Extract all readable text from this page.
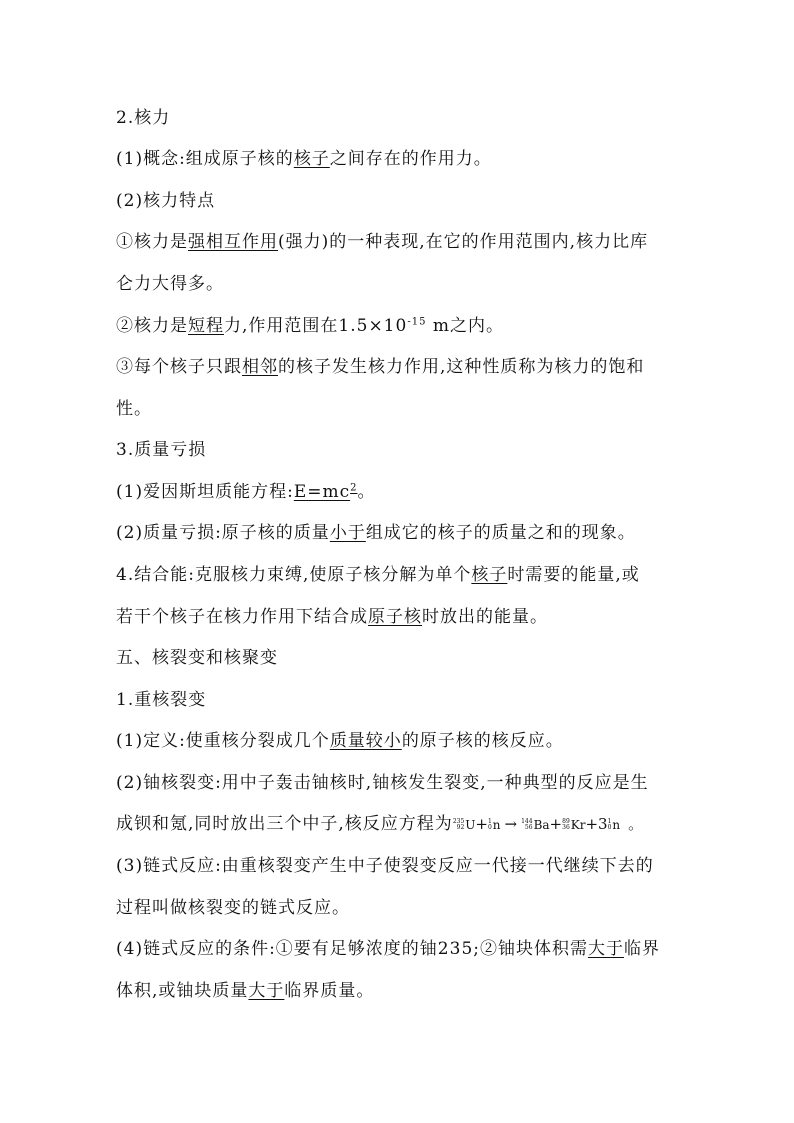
2.核力
(1)概念:组成原子核的核子之间存在的作用力。
(2)核力特点
①核力是强相互作用(强力)的一种表现,在它的作用范围内,核力比库
仑力大得多。
②核力是短程力,作用范围在$1.5\times 10^{-15}$ m之内。
③每个核子只跟相邻的核子发生核力作用,这种性质称为核力的饱和
性。
3.质量亏损
(1)爱因斯坦质能方程$:E=mc^2$。
(2)质量亏损:原子核的质量小于组成它的核子的质量之和的现象。
4.结合能:克服核力束缚,使原子核分解为单个核子时需要的能量,或
若干个核子在核力作用下结合成原子核时放出的能量。
五、核裂变和核聚变
1.重核裂变
(1)定义:使重核分裂成几个质量较小的原子核的核反应。
(2)铀核裂变:用中子轰击铀核时,铀核发生裂变,一种典型的反应是生
成钡和氪,同时放出三个中子,核反应方程为 235
92 U+ 1
0 n → 144
56 Ba+ 89
36 Kr+3 1
0 n 。
(3)链式反应:由重核裂变产生中子使裂变反应一代接一代继续下去的
过程叫做核裂变的链式反应。
(4)链式反应的条件:①要有足够浓度的铀235;②铀块体积需大于临界
体积,或铀块质量大于临界质量。
